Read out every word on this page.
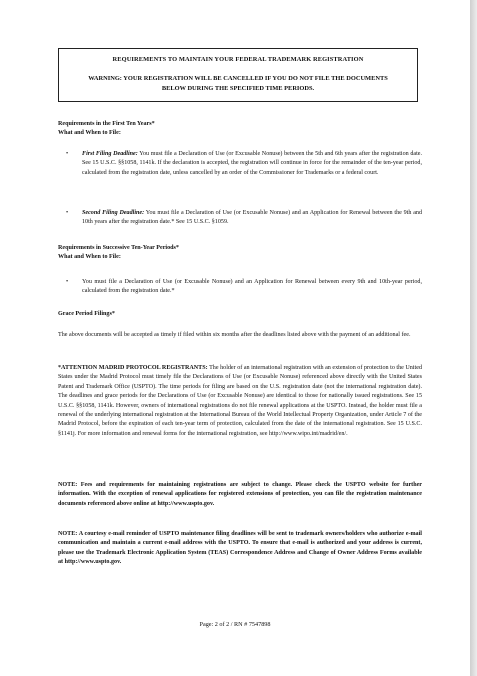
REQUIREMENTS TO MAINTAIN YOUR FEDERAL TRADEMARK REGISTRATION
WARNING: YOUR REGISTRATION WILL BE CANCELLED IF YOU DO NOT FILE THE DOCUMENTS BELOW DURING THE SPECIFIED TIME PERIODS.
Requirements in the First Ten Years*
What and When to File:
• First Filing Deadline: You must file a Declaration of Use (or Excusable Nonuse) between the 5th and 6th years after the registration date. See 15 U.S.C. §§1058, 1141k. If the declaration is accepted, the registration will continue in force for the remainder of the ten-year period, calculated from the registration date, unless cancelled by an order of the Commissioner for Trademarks or a federal court.
• Second Filing Deadline: You must file a Declaration of Use (or Excusable Nonuse) and an Application for Renewal between the 9th and 10th years after the registration date.* See 15 U.S.C. §1059.
Requirements in Successive Ten-Year Periods*
What and When to File:
• You must file a Declaration of Use (or Excusable Nonuse) and an Application for Renewal between every 9th and 10th-year period, calculated from the registration date.*
Grace Period Filings*
The above documents will be accepted as timely if filed within six months after the deadlines listed above with the payment of an additional fee.
*ATTENTION MADRID PROTOCOL REGISTRANTS: The holder of an international registration with an extension of protection to the United States under the Madrid Protocol must timely file the Declarations of Use (or Excusable Nonuse) referenced above directly with the United States Patent and Trademark Office (USPTO). The time periods for filing are based on the U.S. registration date (not the international registration date). The deadlines and grace periods for the Declarations of Use (or Excusable Nonuse) are identical to those for nationally issued registrations. See 15 U.S.C. §§1058, 1141k. However, owners of international registrations do not file renewal applications at the USPTO. Instead, the holder must file a renewal of the underlying international registration at the International Bureau of the World Intellectual Property Organization, under Article 7 of the Madrid Protocol, before the expiration of each ten-year term of protection, calculated from the date of the international registration. See 15 U.S.C. §1141j. For more information and renewal forms for the international registration, see http://www.wipo.int/madrid/en/.
NOTE: Fees and requirements for maintaining registrations are subject to change. Please check the USPTO website for further information. With the exception of renewal applications for registered extensions of protection, you can file the registration maintenance documents referenced above online at http://www.uspto.gov.
NOTE: A courtesy e-mail reminder of USPTO maintenance filing deadlines will be sent to trademark owners/holders who authorize e-mail communication and maintain a current e-mail address with the USPTO. To ensure that e-mail is authorized and your address is current, please use the Trademark Electronic Application System (TEAS) Correspondence Address and Change of Owner Address Forms available at http://www.uspto.gov.
Page: 2 of 2 / RN # 7547898
